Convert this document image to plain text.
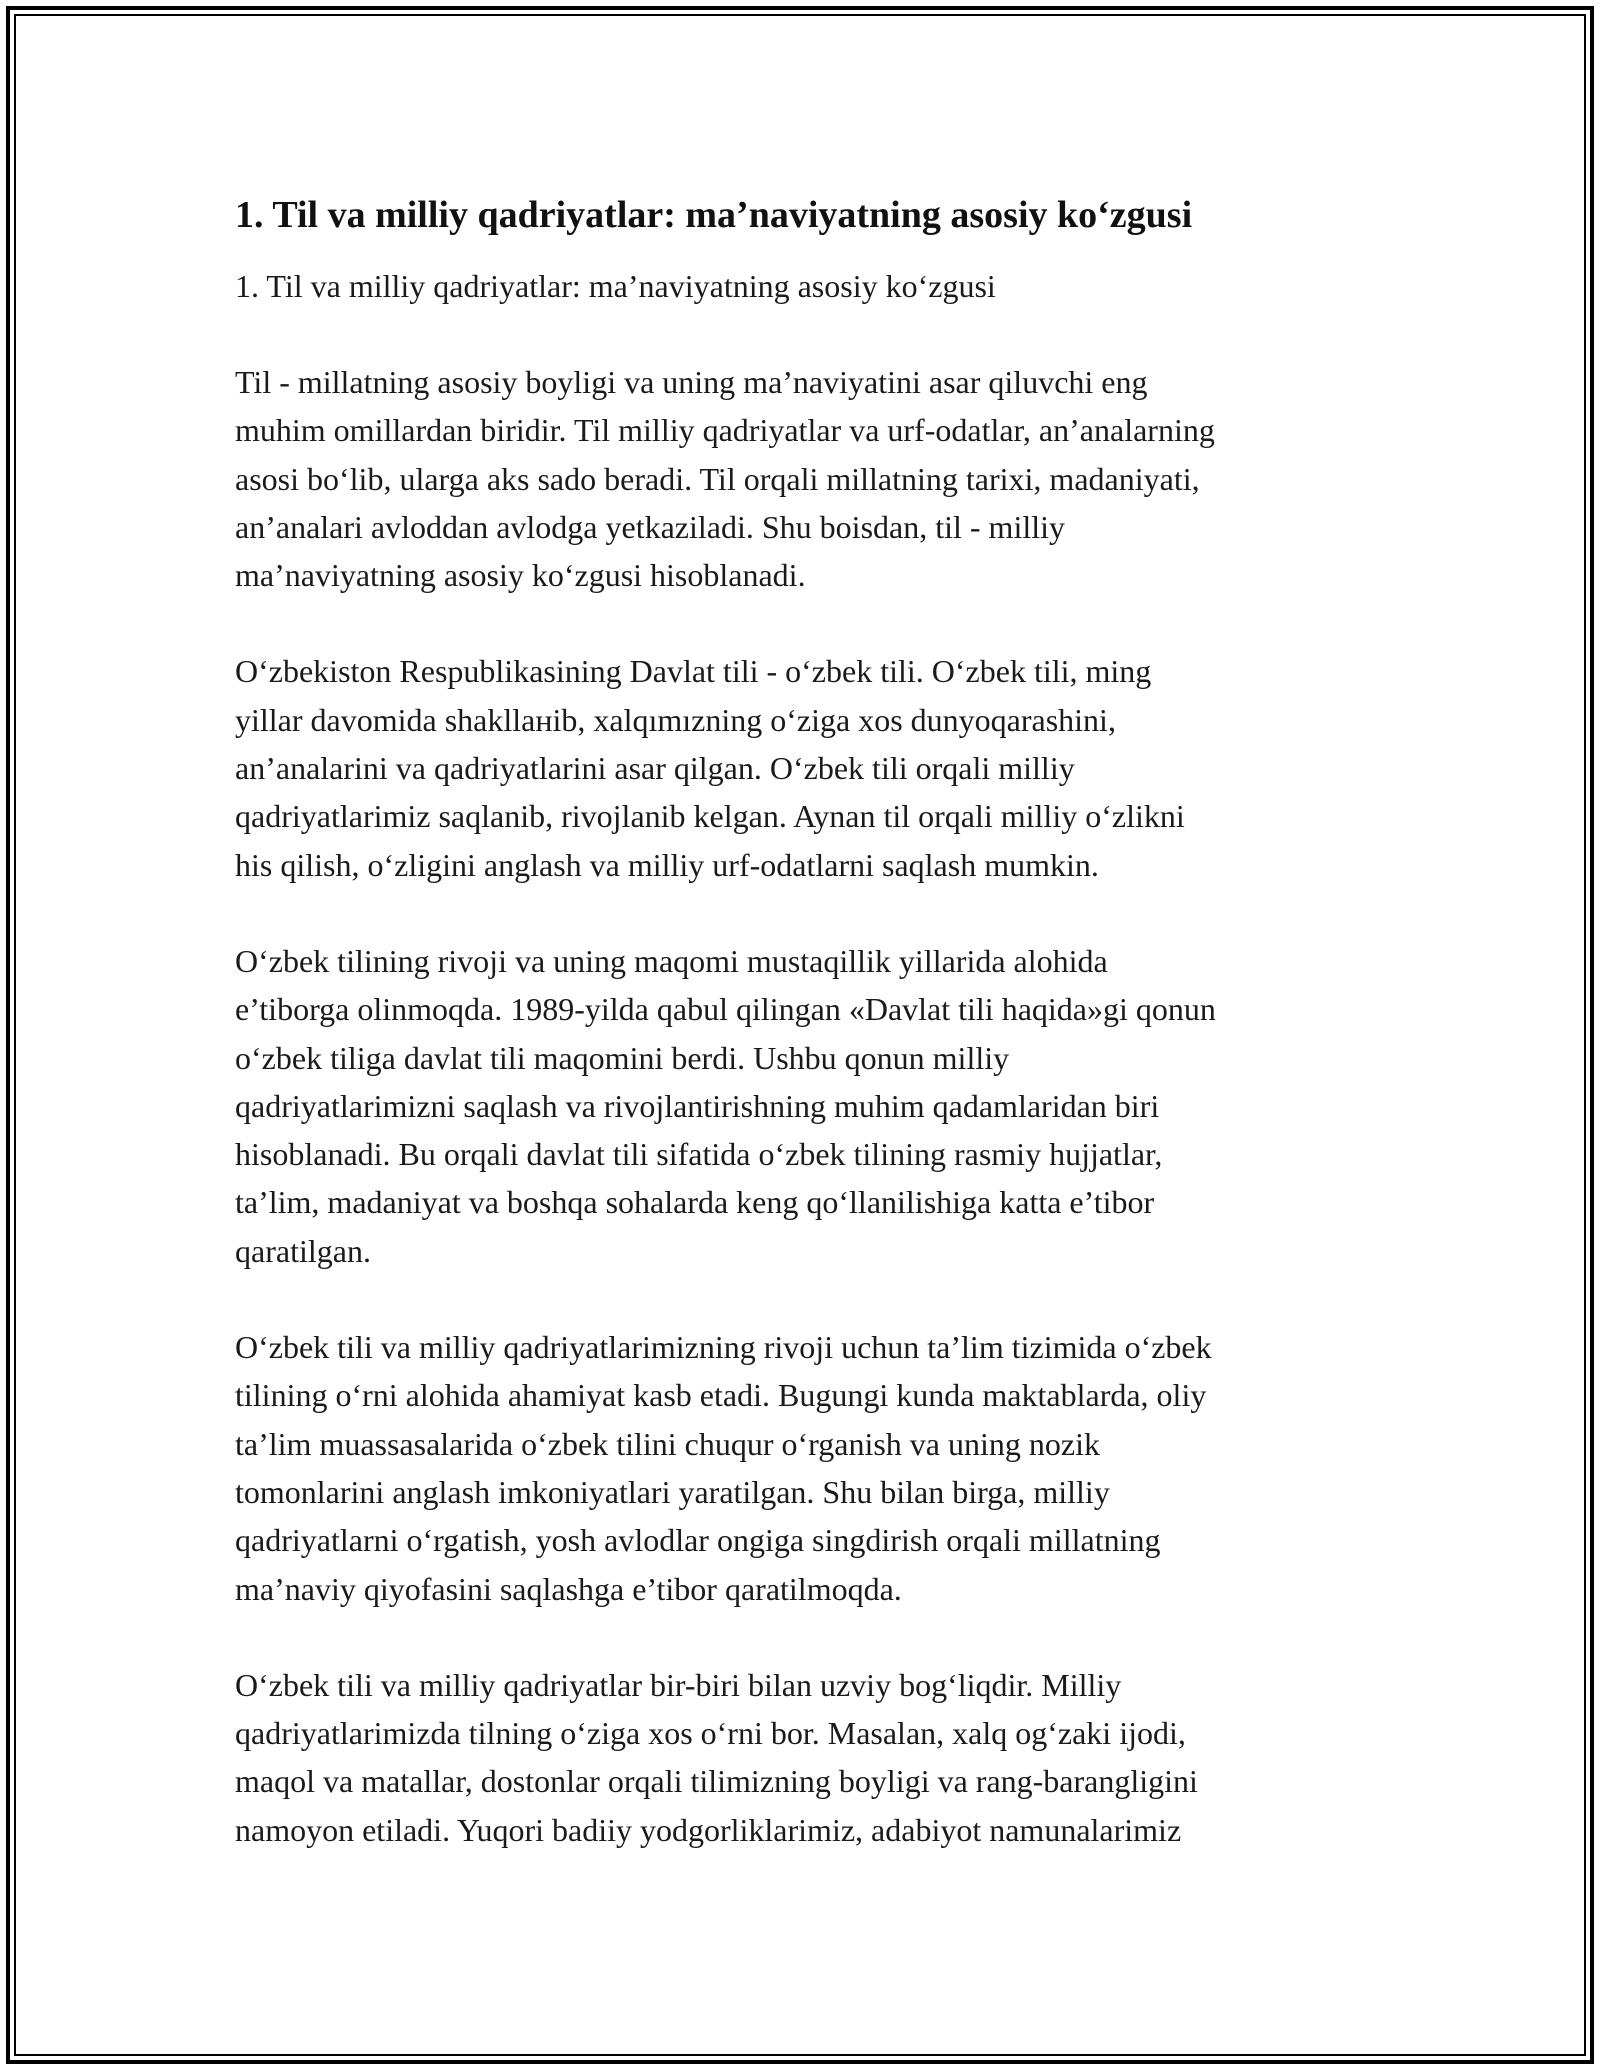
1. Til va milliy qadriyatlar: ma’naviyatning asosiy ko‘zgusi

1. Til va milliy qadriyatlar: ma’naviyatning asosiy ko‘zgusi

Til - millatning asosiy boyligi va uning ma’naviyatini asar qiluvchi eng
muhim omillardan biridir. Til milliy qadriyatlar va urf-odatlar, an’analarning
asosi bo‘lib, ularga aks sado beradi. Til orqali millatning tarixi, madaniyati,
an’analari avloddan avlodga yetkaziladi. Shu boisdan, til - milliy
ma’naviyatning asosiy ko‘zgusi hisoblanadi.

O‘zbekiston Respublikasining Davlat tili - o‘zbek tili. O‘zbek tili, ming
yillar davomida shakllанib, xalqımızning o‘ziga xos dunyoqarashini,
an’analarini va qadriyatlarini asar qilgan. O‘zbek tili orqali milliy
qadriyatlarimiz saqlanib, rivojlanib kelgan. Aynan til orqali milliy o‘zlikni
his qilish, o‘zligini anglash va milliy urf-odatlarni saqlash mumkin.

O‘zbek tilining rivoji va uning maqomi mustaqillik yillarida alohida
e’tiborga olinmoqda. 1989-yilda qabul qilingan «Davlat tili haqida»gi qonun
o‘zbek tiliga davlat tili maqomini berdi. Ushbu qonun milliy
qadriyatlarimizni saqlash va rivojlantirishning muhim qadamlaridan biri
hisoblanadi. Bu orqali davlat tili sifatida o‘zbek tilining rasmiy hujjatlar,
ta’lim, madaniyat va boshqa sohalarda keng qo‘llanilishiga katta e’tibor
qaratilgan.

O‘zbek tili va milliy qadriyatlarimizning rivoji uchun ta’lim tizimida o‘zbek
tilining o‘rni alohida ahamiyat kasb etadi. Bugungi kunda maktablarda, oliy
ta’lim muassasalarida o‘zbek tilini chuqur o‘rganish va uning nozik
tomonlarini anglash imkoniyatlari yaratilgan. Shu bilan birga, milliy
qadriyatlarni o‘rgatish, yosh avlodlar ongiga singdirish orqali millatning
ma’naviy qiyofasini saqlashga e’tibor qaratilmoqda.

O‘zbek tili va milliy qadriyatlar bir-biri bilan uzviy bog‘liqdir. Milliy
qadriyatlarimizda tilning o‘ziga xos o‘rni bor. Masalan, xalq og‘zaki ijodi,
maqol va matallar, dostonlar orqali tilimizning boyligi va rang-barangligini
namoyon etiladi. Yuqori badiiy yodgorliklarimiz, adabiyot namunalarimiz
